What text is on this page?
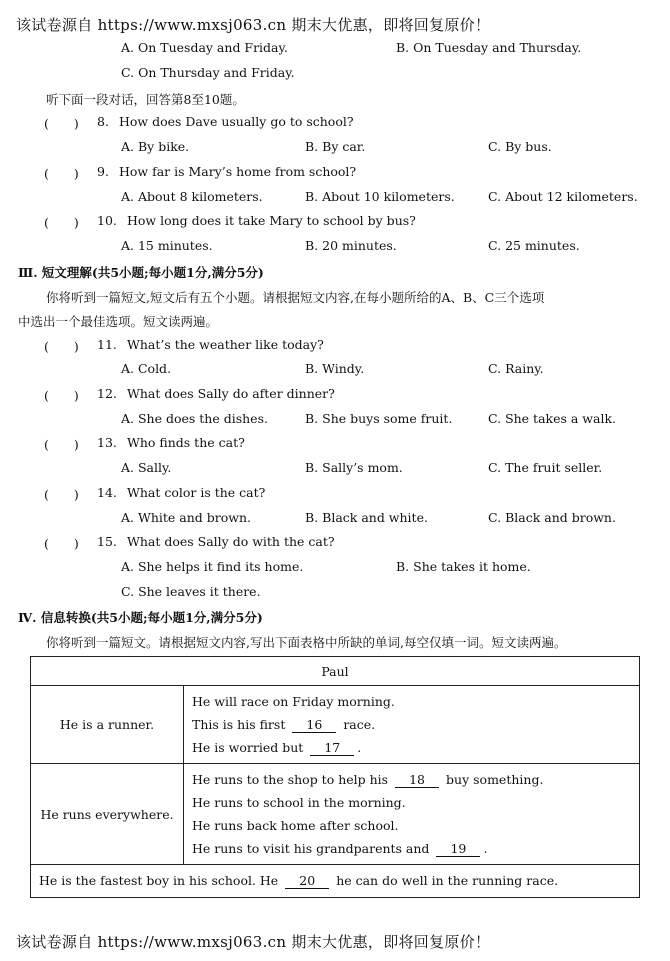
该试卷源自 https://www.mxsj063.cn 期末大优惠，即将回复原价！
A. On Tuesday and Friday.	B. On Tuesday and Thursday.
C. On Thursday and Friday.
听下面一段对话，回答第8至10题。
(　　) 8. How does Dave usually go to school?
A. By bike.	B. By car.	C. By bus.
(　　) 9. How far is Mary’s home from school?
A. About 8 kilometers.	B. About 10 kilometers.	C. About 12 kilometers.
(　　) 10. How long does it take Mary to school by bus?
A. 15 minutes.	B. 20 minutes.	C. 25 minutes.
Ⅲ. 短文理解(共5小题;每小题1分,满分5分)
你将听到一篇短文,短文后有五个小题。请根据短文内容,在每小题所给的A、B、C三个选项
中选出一个最佳选项。短文读两遍。
(　　) 11. What’s the weather like today?
A. Cold.	B. Windy.	C. Rainy.
(　　) 12. What does Sally do after dinner?
A. She does the dishes.	B. She buys some fruit.	C. She takes a walk.
(　　) 13. Who finds the cat?
A. Sally.	B. Sally’s mom.	C. The fruit seller.
(　　) 14. What color is the cat?
A. White and brown.	B. Black and white.	C. Black and brown.
(　　) 15. What does Sally do with the cat?
A. She helps it find its home.	B. She takes it home.
C. She leaves it there.
Ⅳ. 信息转换(共5小题;每小题1分,满分5分)
你将听到一篇短文。请根据短文内容,写出下面表格中所缺的单词,每空仅填一词。短文读两遍。
Paul	
He is a runner.	He will race on Friday morning.
This is his first 16 race.
He is worried but 17 .

He runs everywhere.	He runs to the shop to help his 18 buy something.
He runs to school in the morning.
He runs back home after school.
He runs to visit his grandparents and 19 .

He is the fastest boy in his school. He 20 he can do well in the running race.	
该试卷源自 https://www.mxsj063.cn 期末大优惠，即将回复原价！
